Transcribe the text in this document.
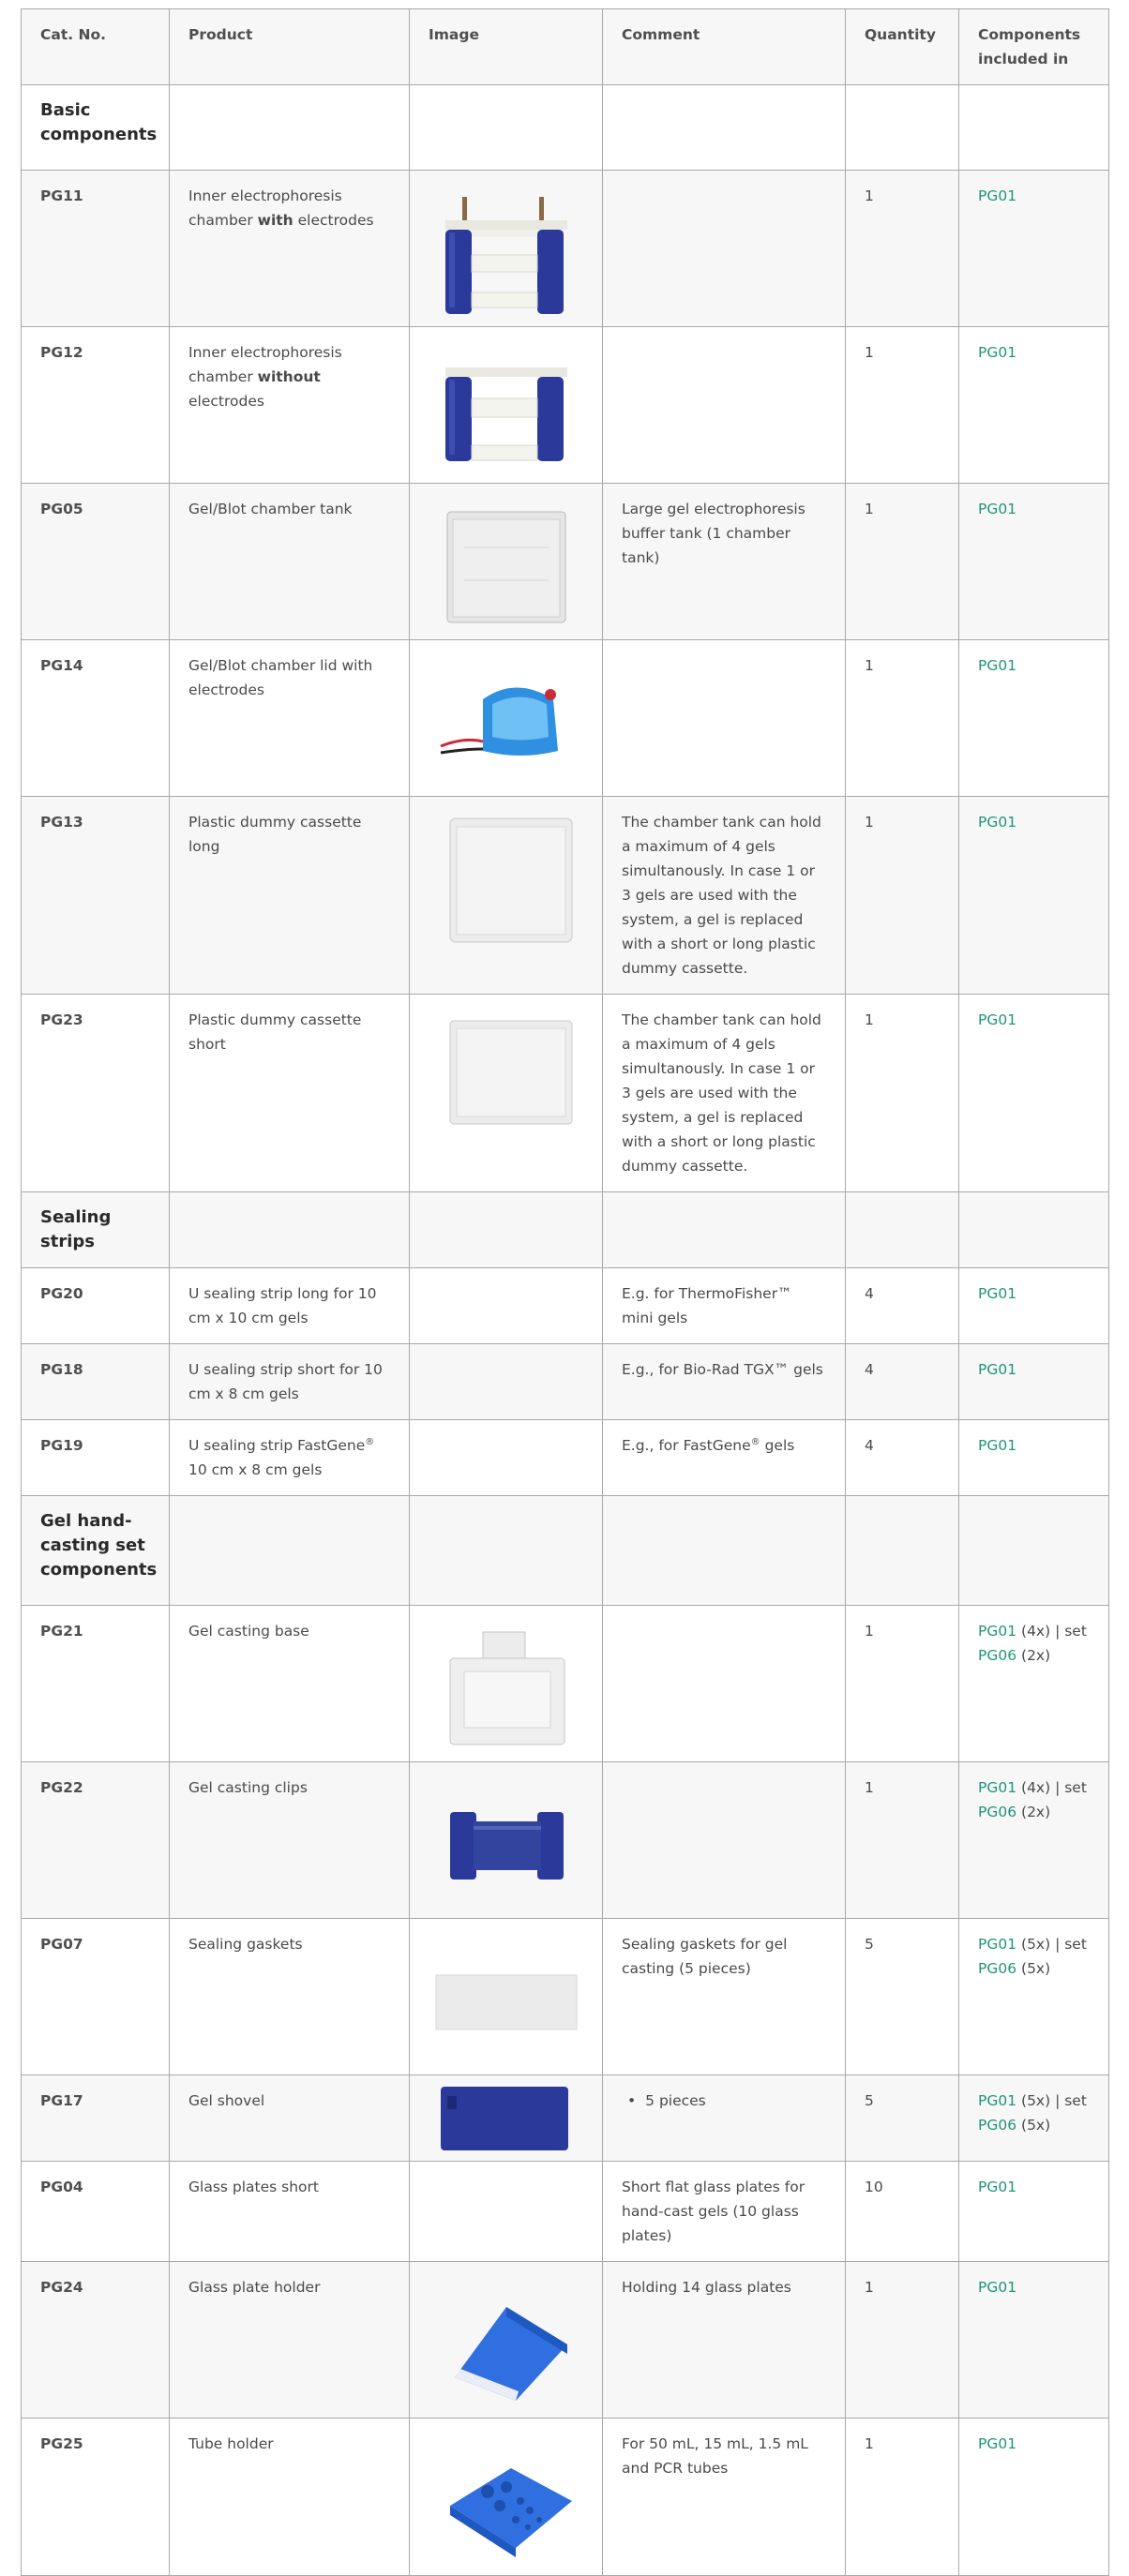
Cat. No.	Product	Image	Comment	Quantity	Components included in
Basic components					
PG11	Inner electrophoresis chamber with electrodes			1	PG01
PG12	Inner electrophoresis chamber without electrodes			1	PG01
PG05	Gel/Blot chamber tank		Large gel electrophoresis buffer tank (1 chamber tank)	1	PG01
PG14	Gel/Blot chamber lid with electrodes			1	PG01
PG13	Plastic dummy cassette long		The chamber tank can hold a maximum of 4 gels simultanously. In case 1 or 3 gels are used with the system, a gel is replaced with a short or long plastic dummy cassette.	1	PG01
PG23	Plastic dummy cassette short		The chamber tank can hold a maximum of 4 gels simultanously. In case 1 or 3 gels are used with the system, a gel is replaced with a short or long plastic dummy cassette.	1	PG01
Sealing strips					
PG20	U sealing strip long for 10 cm x 10 cm gels		E.g. for ThermoFisher™ mini gels	4	PG01
PG18	U sealing strip short for 10 cm x 8 cm gels		E.g., for Bio-Rad TGX™ gels	4	PG01
PG19	U sealing strip FastGene® 10 cm x 8 cm gels		E.g., for FastGene® gels	4	PG01
Gel hand-casting set components					
PG21	Gel casting base			1	PG01 (4x) | set PG06 (2x)
PG22	Gel casting clips			1	PG01 (4x) | set PG06 (2x)
PG07	Sealing gaskets		Sealing gaskets for gel casting (5 pieces)	5	PG01 (5x) | set PG06 (5x)
PG17	Gel shovel		• 5 pieces	5	PG01 (5x) | set PG06 (5x)
PG04	Glass plates short		Short flat glass plates for hand-cast gels (10 glass plates)	10	PG01
PG24	Glass plate holder		Holding 14 glass plates	1	PG01
PG25	Tube holder		For 50 mL, 15 mL, 1.5 mL and PCR tubes	1	PG01
